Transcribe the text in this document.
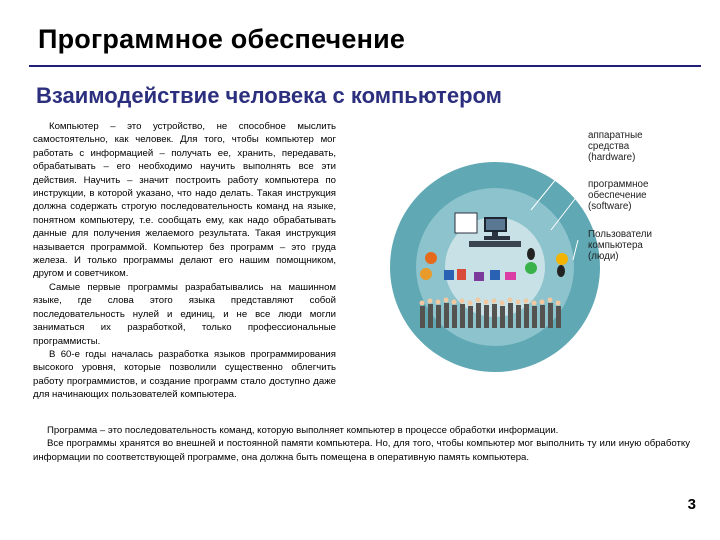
Программное обеспечение
Взаимодействие человека с компьютером

Компьютер – это устройство, не способное мыслить самостоятельно, как человек. Для того, чтобы компьютер мог работать с информацией – получать ее, хранить, передавать, обрабатывать – его необходимо научить выполнять все эти действия. Научить – значит построить работу компьютера по инструкции, в которой указано, что надо делать. Такая инструкция должна содержать строгую последовательность команд на языке, понятном компьютеру, т.е. сообщать ему, как надо обрабатывать данные для получения желаемого результата. Такая инструкция называется программой. Компьютер без программ – это груда железа. И только программы делают его нашим помощником, другом и советчиком.

Самые первые программы разрабатывались на машинном языке, где слова этого языка представляют собой последовательность нулей и единиц, и не все люди могли заниматься их разработкой, только профессиональные программисты.

В 60-е годы началась разработка языков программирования высокого уровня, которые позволили существенно облегчить работу программистов, и создание программ стало доступно даже для начинающих пользователей компьютера.

аппаратные
средства
(hardware)
программное
обеспечение
(software)
Пользователи
компьютера
(люди)

Программа – это последовательность команд, которую выполняет компьютер в процессе обработки информации.

Все программы хранятся во внешней и постоянной памяти компьютера. Но, для того, чтобы компьютер мог выполнить ту или иную обработку информации по соответствующей программе, она должна быть помещена в оперативную память компьютера.

3
